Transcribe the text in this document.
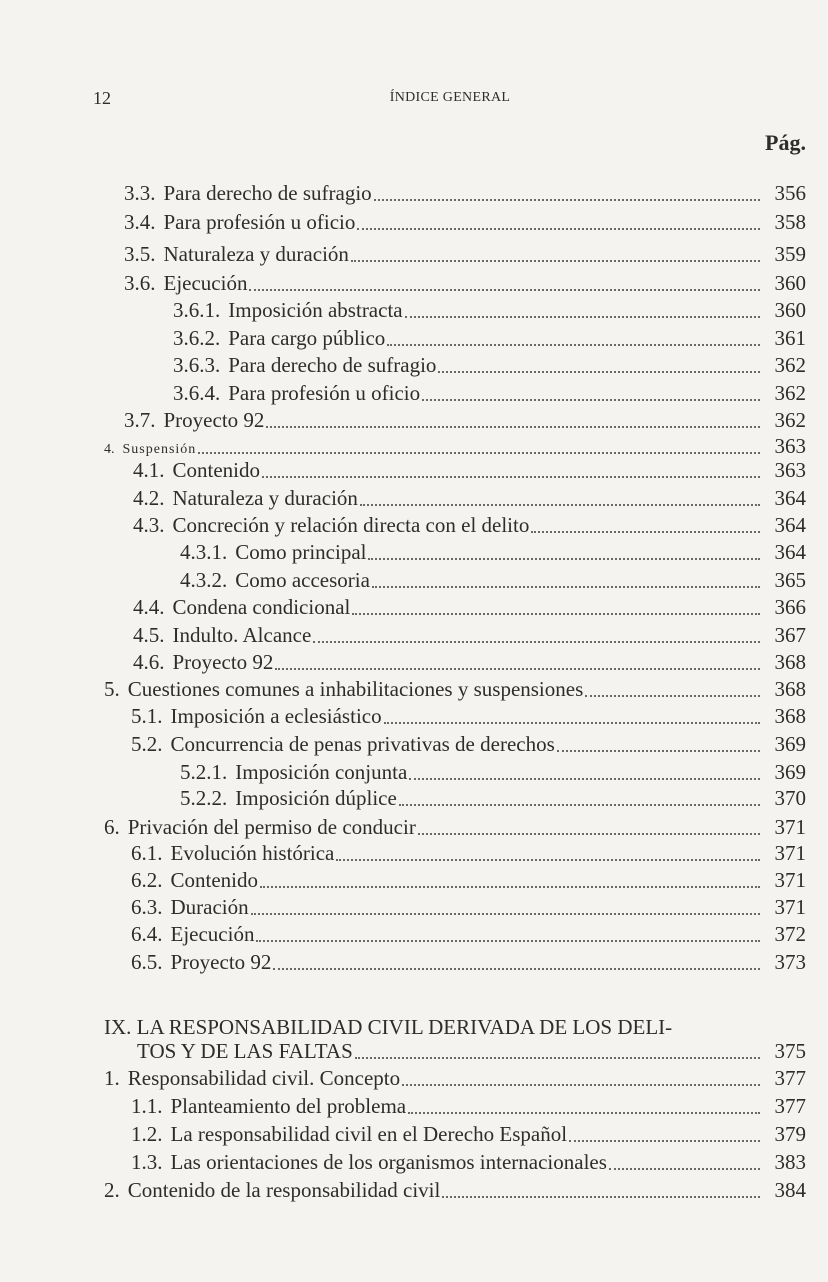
12	ÍNDICE GENERAL
Pág.
3.3. Para derecho de sufragio	356
3.4. Para profesión u oficio	358
3.5. Naturaleza y duración	359
3.6. Ejecución	360
3.6.1. Imposición abstracta	360
3.6.2. Para cargo público	361
3.6.3. Para derecho de sufragio	362
3.6.4. Para profesión u oficio	362
3.7. Proyecto 92	362
4. Suspensión	363
4.1. Contenido	363
4.2. Naturaleza y duración	364
4.3. Concreción y relación directa con el delito	364
4.3.1. Como principal	364
4.3.2. Como accesoria	365
4.4. Condena condicional	366
4.5. Indulto. Alcance	367
4.6. Proyecto 92	368
5. Cuestiones comunes a inhabilitaciones y suspensiones	368
5.1. Imposición a eclesiástico	368
5.2. Concurrencia de penas privativas de derechos	369
5.2.1. Imposición conjunta	369
5.2.2. Imposición dúplice	370
6. Privación del permiso de conducir	371
6.1. Evolución histórica	371
6.2. Contenido	371
6.3. Duración	371
6.4. Ejecución	372
6.5. Proyecto 92	373
IX. LA RESPONSABILIDAD CIVIL DERIVADA DE LOS DELI-
TOS Y DE LAS FALTAS	375
1. Responsabilidad civil. Concepto	377
1.1. Planteamiento del problema	377
1.2. La responsabilidad civil en el Derecho Español	379
1.3. Las orientaciones de los organismos internacionales	383
2. Contenido de la responsabilidad civil	384
